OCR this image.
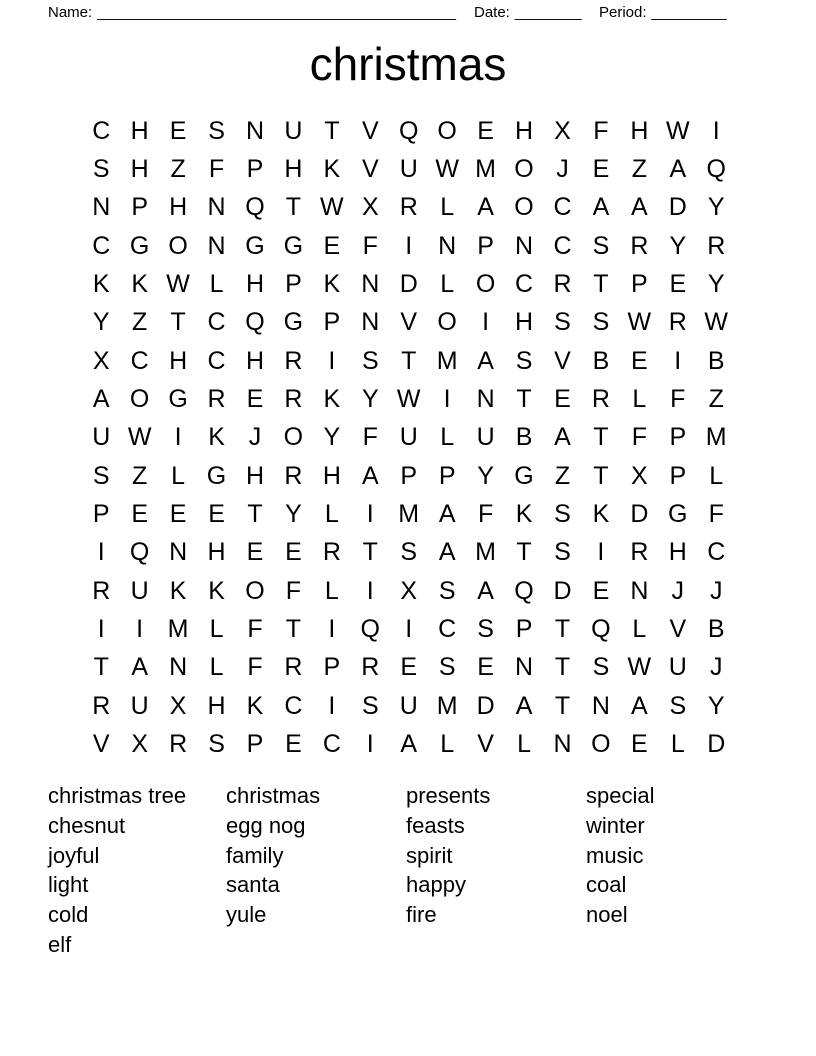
Name: ___________________________________________ Date: ________ Period: _________
christmas
C H E S N U T V Q O E H X F H W I
S H Z F P H K V U W M O J E Z A Q
N P H N Q T W X R L A O C A A D Y
C G O N G G E F	I	N P N C S R Y R
K K W L H P K N D L O C R T P E Y
Y Z T C Q G P N V O	I	H S S W R W
X C H C H R	I	S T M A S V B E	I	B
A O G R E R K Y W I	N T E R L F Z
U W I	K J O Y F U L U B A T F P M
S Z L G H R H A P P Y G Z T X P L
P E E E T Y L	I M A F K S K D G F
I	Q N H E E R T S A M T S	I	R H C
R U K K O F L	I	X S A Q D E N J	J
I	I M L F T	I	Q	I	C S P T Q L V B
T A N L F R P R E S E N T S W U J
R U X H K C	I	S U M D A T N A S Y
V X R S P E C	I	A L V L N O E L D
christmas tree
chesnut
joyful
light
cold
elf
christmas
egg nog
family
santa
yule
presents
feasts
spirit
happy
fire
special
winter
music
coal
noel
